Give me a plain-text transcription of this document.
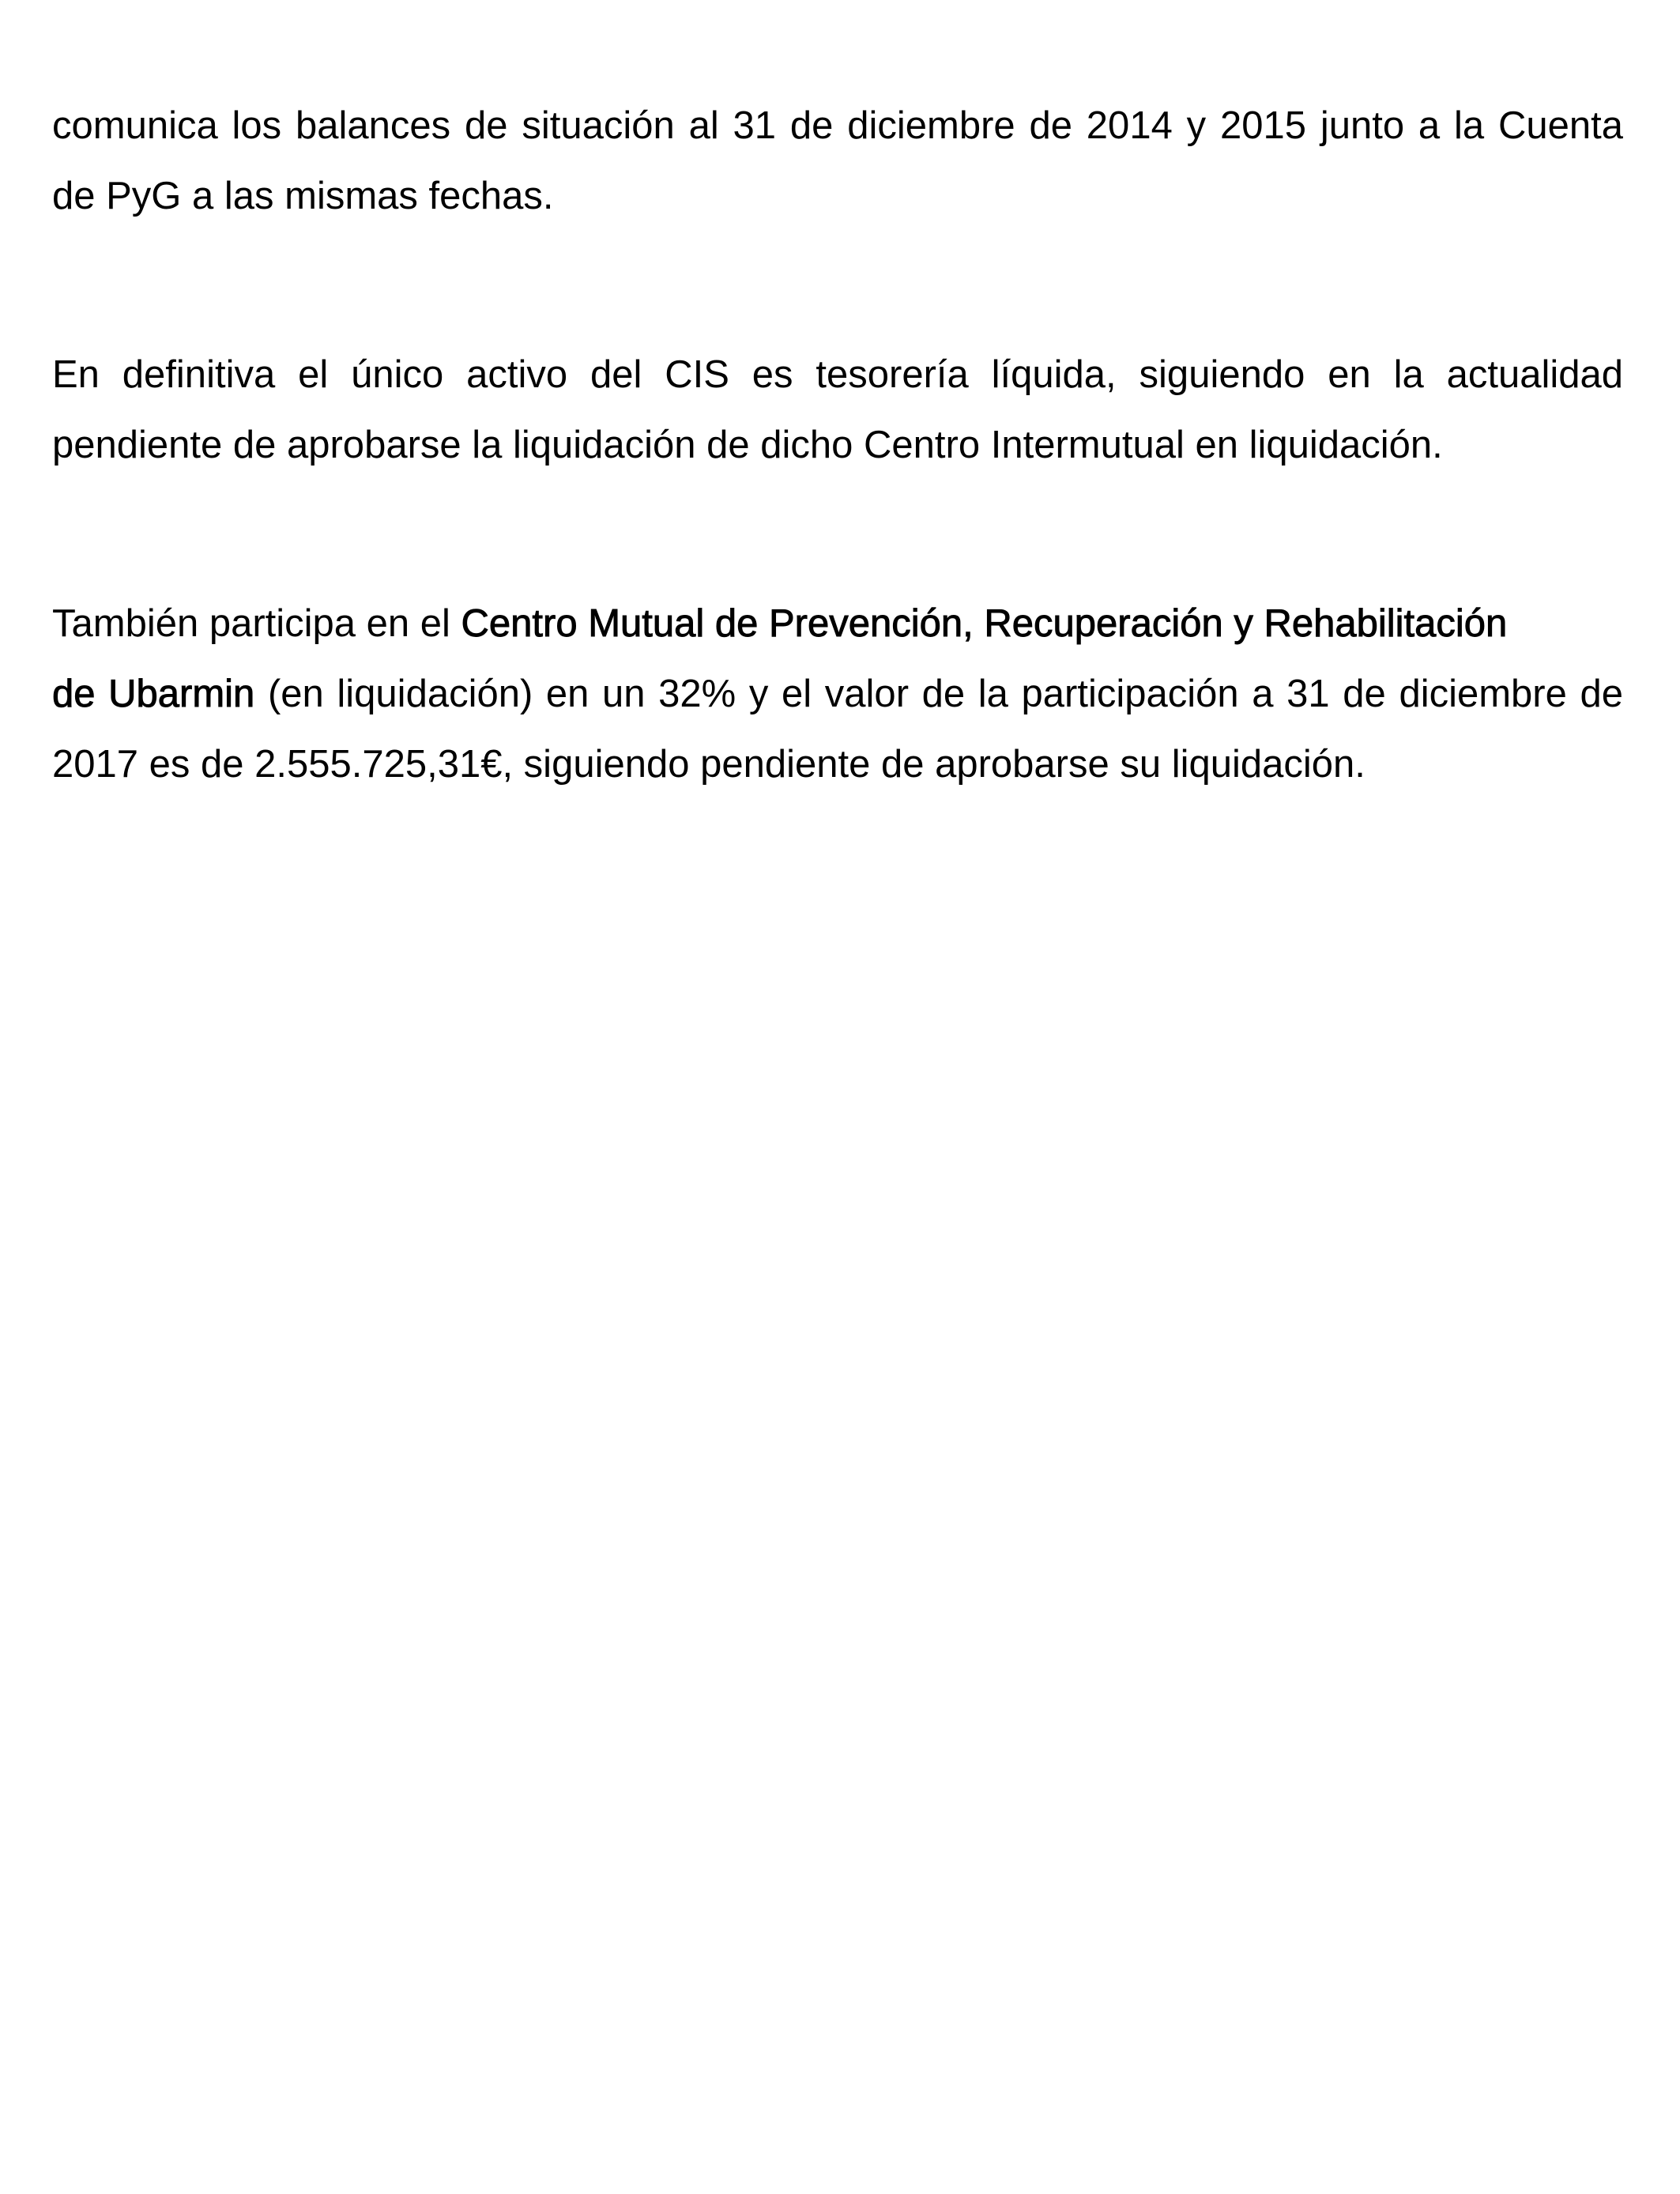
comunica los balances de situación al 31 de diciembre de 2014 y 2015 junto a la Cuenta
de PyG a las mismas fechas.
En definitiva el único activo del CIS es tesorería líquida, siguiendo en la actualidad
pendiente de aprobarse la liquidación de dicho Centro Intermutual en liquidación.
También participa en el Centro Mutual de Prevención, Recuperación y Rehabilitación
de Ubarmin (en liquidación) en un 32% y el valor de la participación a 31 de diciembre de
2017 es de 2.555.725,31€, siguiendo pendiente de aprobarse su liquidación.
